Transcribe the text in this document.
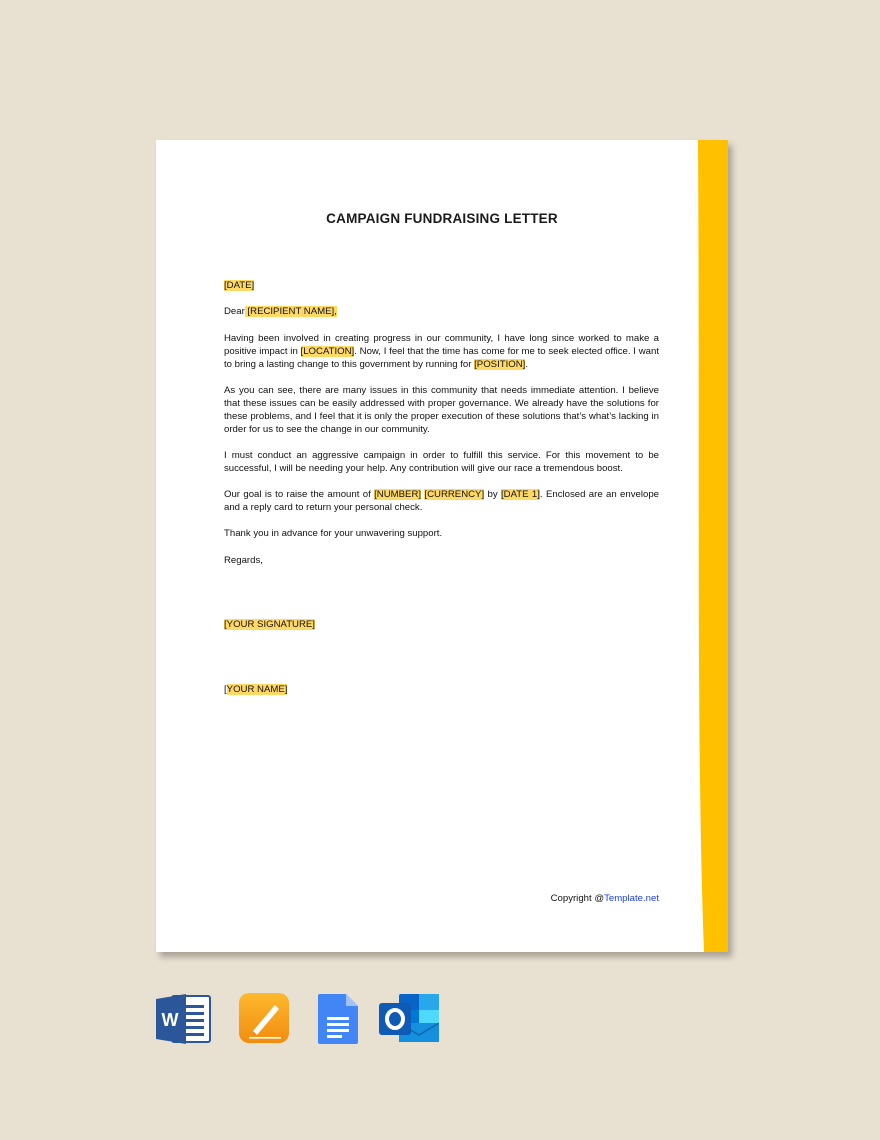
CAMPAIGN FUNDRAISING LETTER
[DATE]
Dear [RECIPIENT NAME],

Having been involved in creating progress in our community, I have long since worked to make a positive impact in [LOCATION]. Now, I feel that the time has come for me to seek elected office. I want to bring a lasting change to this government by running for [POSITION].

As you can see, there are many issues in this community that needs immediate attention. I believe that these issues can be easily addressed with proper governance. We already have the solutions for these problems, and I feel that it is only the proper execution of these solutions that’s what’s lacking in order for us to see the change in our community.

I must conduct an aggressive campaign in order to fulfill this service. For this movement to be successful, I will be needing your help. Any contribution will give our race a tremendous boost.

Our goal is to raise the amount of [NUMBER] [CURRENCY] by [DATE 1]. Enclosed are an envelope and a reply card to return your personal check.

Thank you in advance for your unwavering support.

Regards,
[YOUR SIGNATURE]
[YOUR NAME]
Copyright @Template.net
W
